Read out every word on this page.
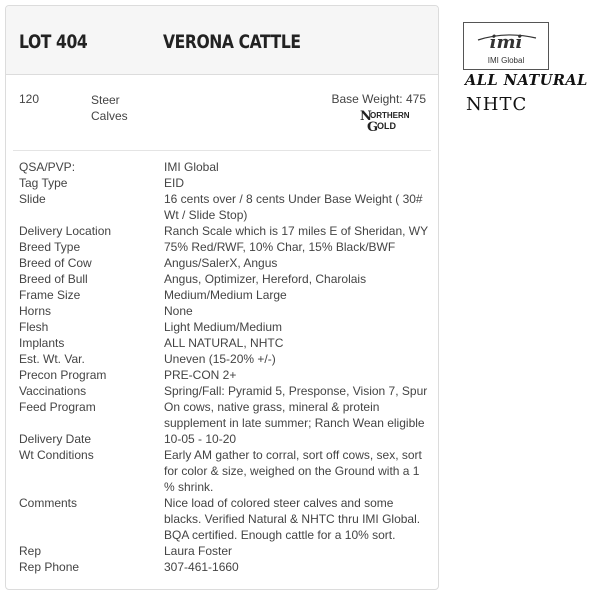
LOT 404	VERONA CATTLE
120	Steer
Calves
Base Weight: 475
N
ORTHERN
G
OLD
QSA/PVP:	IMI Global
Tag Type	EID
Slide	16 cents over / 8 cents Under Base Weight ( 30# Wt / Slide Stop)
Delivery Location	Ranch Scale which is 17 miles E of Sheridan, WY
Breed Type	75% Red/RWF, 10% Char, 15% Black/BWF
Breed of Cow	Angus/SalerX, Angus
Breed of Bull	Angus, Optimizer, Hereford, Charolais
Frame Size	Medium/Medium Large
Horns	None
Flesh	Light Medium/Medium
Implants	ALL NATURAL, NHTC
Est. Wt. Var.	Uneven (15-20% +/-)
Precon Program	PRE-CON 2+
Vaccinations	Spring/Fall: Pyramid 5, Presponse, Vision 7, Spur
Feed Program	On cows, native grass, mineral & protein supplement in late summer; Ranch Wean eligible
Delivery Date	10-05 - 10-20
Wt Conditions	Early AM gather to corral, sort off cows, sex, sort for color & size, weighed on the Ground with a 1 % shrink.
Comments	Nice load of colored steer calves and some blacks. Verified Natural & NHTC thru IMI Global. BQA certified. Enough cattle for a 10% sort.
Rep	Laura Foster
Rep Phone	307-461-1660
imi
IMI Global
ALL NATURAL
NHTC
